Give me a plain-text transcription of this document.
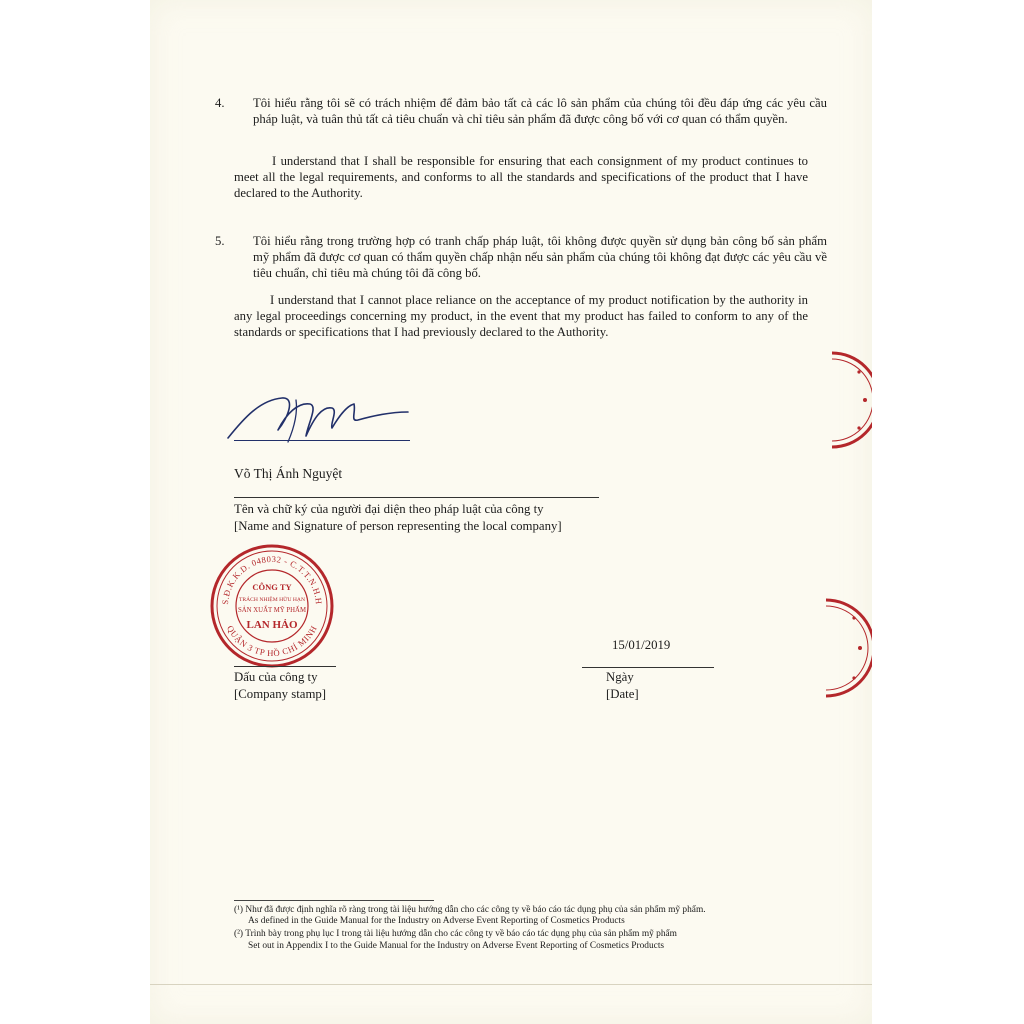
4. Tôi hiểu rằng tôi sẽ có trách nhiệm để đảm bảo tất cả các lô sản phẩm của chúng tôi đều đáp ứng các yêu cầu pháp luật, và tuân thủ tất cả tiêu chuẩn và chỉ tiêu sản phẩm đã được công bố với cơ quan có thẩm quyền.
I understand that I shall be responsible for ensuring that each consignment of my product continues to meet all the legal requirements, and conforms to all the standards and specifications of the product that I have declared to the Authority.
5. Tôi hiểu rằng trong trường hợp có tranh chấp pháp luật, tôi không được quyền sử dụng bản công bố sản phẩm mỹ phẩm đã được cơ quan có thẩm quyền chấp nhận nếu sản phẩm của chúng tôi không đạt được các yêu cầu về tiêu chuẩn, chỉ tiêu mà chúng tôi đã công bố.
I understand that I cannot place reliance on the acceptance of my product notification by the authority in any legal proceedings concerning my product, in the event that my product has failed to conform to any of the standards or specifications that I had previously declared to the Authority.
Võ Thị Ánh Nguyệt
Tên và chữ ký của người đại diện theo pháp luật của công ty
[Name and Signature of person representing the local company]
S.Đ.K.K.D. 048032 - C.T.T.N.H.H
QUẬN 3 TP HỒ CHÍ MINH
CÔNG TY
TRÁCH NHIỆM HỮU HẠN
SẢN XUẤT MỸ PHẨM
LAN HẢO
Dấu của công ty
[Company stamp]
15/01/2019
Ngày
[Date]
(¹) Như đã được định nghĩa rõ ràng trong tài liệu hướng dẫn cho các công ty về báo cáo tác dụng phụ của sản phẩm mỹ phẩm.
As defined in the Guide Manual for the Industry on Adverse Event Reporting of Cosmetics Products
(²) Trình bày trong phụ lục I trong tài liệu hướng dẫn cho các công ty về báo cáo tác dụng phụ của sản phẩm mỹ phẩm
Set out in Appendix I to the Guide Manual for the Industry on Adverse Event Reporting of Cosmetics Products
